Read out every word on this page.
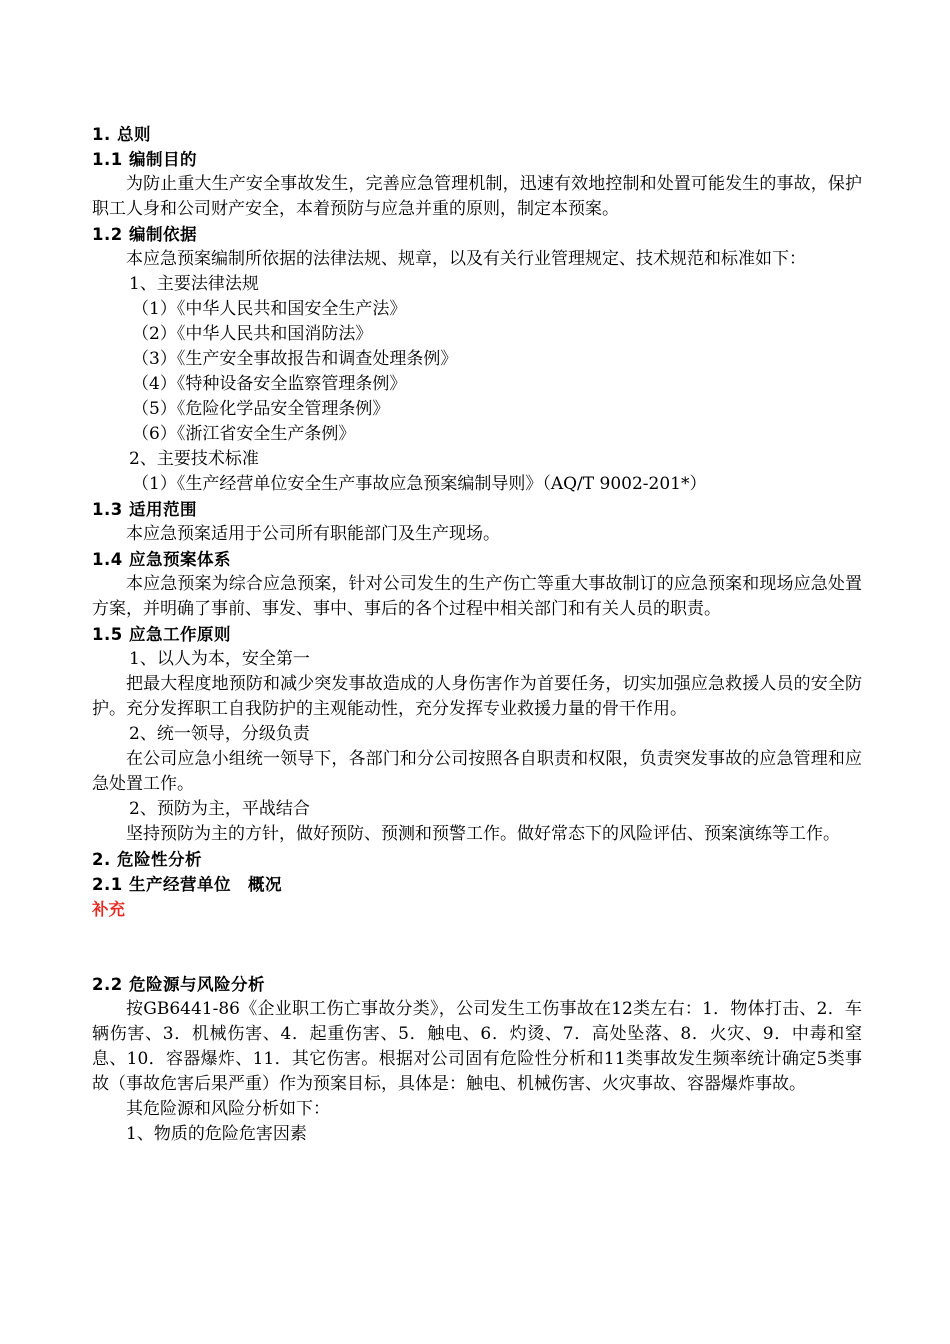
1. 总则
1.1 编制目的
为防止重大生产安全事故发生，完善应急管理机制，迅速有效地控制和处置可能发生的事故，保护职工人身和公司财产安全，本着预防与应急并重的原则，制定本预案。
1.2 编制依据
本应急预案编制所依据的法律法规、规章，以及有关行业管理规定、技术规范和标准如下：
1、主要法律法规
（1）《中华人民共和国安全生产法》
（2）《中华人民共和国消防法》
（3）《生产安全事故报告和调查处理条例》
（4）《特种设备安全监察管理条例》
（5）《危险化学品安全管理条例》
（6）《浙江省安全生产条例》
2、主要技术标准
（1）《生产经营单位安全生产事故应急预案编制导则》（AQ/T 9002-201*）
1.3 适用范围
本应急预案适用于公司所有职能部门及生产现场。
1.4 应急预案体系
本应急预案为综合应急预案，针对公司发生的生产伤亡等重大事故制订的应急预案和现场应急处置方案，并明确了事前、事发、事中、事后的各个过程中相关部门和有关人员的职责。
1.5 应急工作原则
1、以人为本，安全第一
把最大程度地预防和减少突发事故造成的人身伤害作为首要任务，切实加强应急救援人员的安全防护。充分发挥职工自我防护的主观能动性，充分发挥专业救援力量的骨干作用。
2、统一领导，分级负责
在公司应急小组统一领导下，各部门和分公司按照各自职责和权限，负责突发事故的应急管理和应急处置工作。
2、预防为主，平战结合
坚持预防为主的方针，做好预防、预测和预警工作。做好常态下的风险评估、预案演练等工作。
2. 危险性分析
2.1 生产经营单位　概况
补充
2.2 危险源与风险分析
按GB6441-86《企业职工伤亡事故分类》，公司发生工伤事故在12类左右：1．物体打击、2．车辆伤害、3．机械伤害、4．起重伤害、5．触电、6．灼烫、7．高处坠落、8．火灾、9．中毒和窒息、10．容器爆炸、11．其它伤害。根据对公司固有危险性分析和11类事故发生频率统计确定5类事故（事故危害后果严重）作为预案目标，具体是：触电、机械伤害、火灾事故、容器爆炸事故。
其危险源和风险分析如下：
1、物质的危险危害因素
